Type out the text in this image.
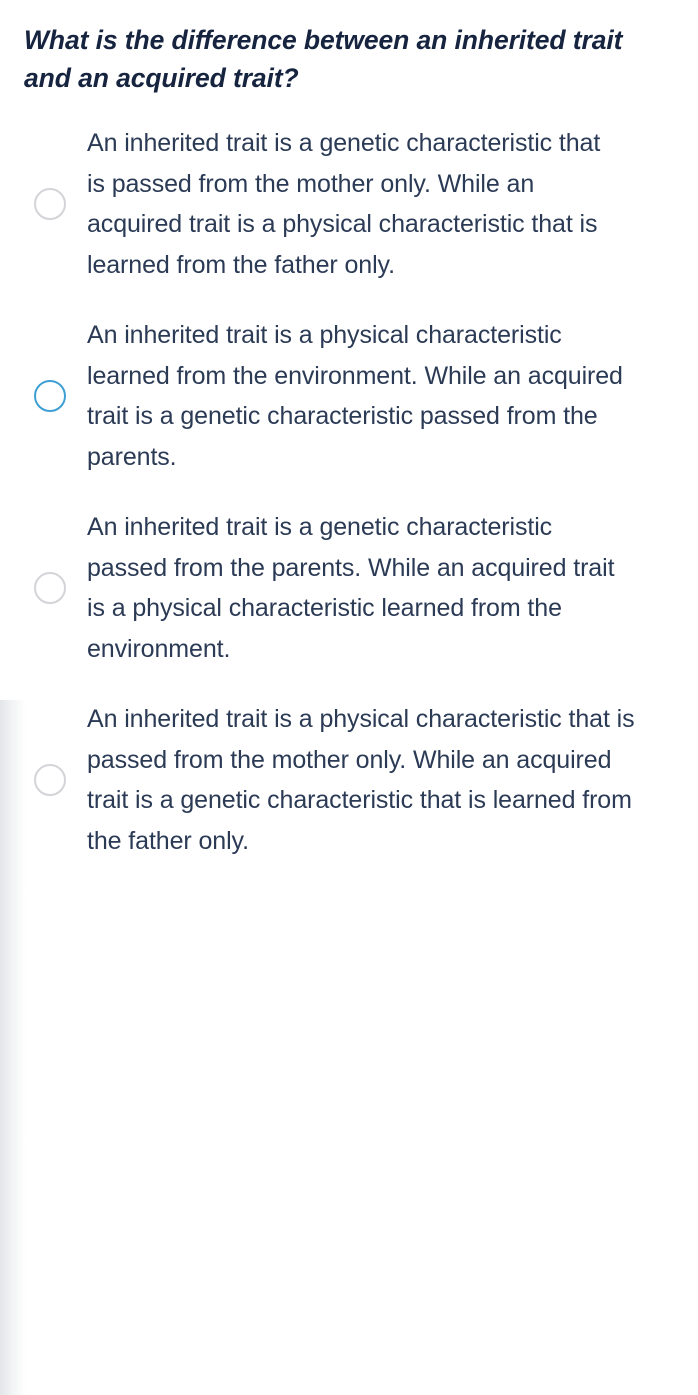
What is the difference between an inherited trait and an acquired trait?
An inherited trait is a genetic characteristic that is passed from the mother only. While an acquired trait is a physical characteristic that is learned from the father only.
An inherited trait is a physical characteristic learned from the environment. While an acquired trait is a genetic characteristic passed from the parents.
An inherited trait is a genetic characteristic passed from the parents. While an acquired trait is a physical characteristic learned from the environment.
An inherited trait is a physical characteristic that is passed from the mother only. While an acquired trait is a genetic characteristic that is learned from the father only.
